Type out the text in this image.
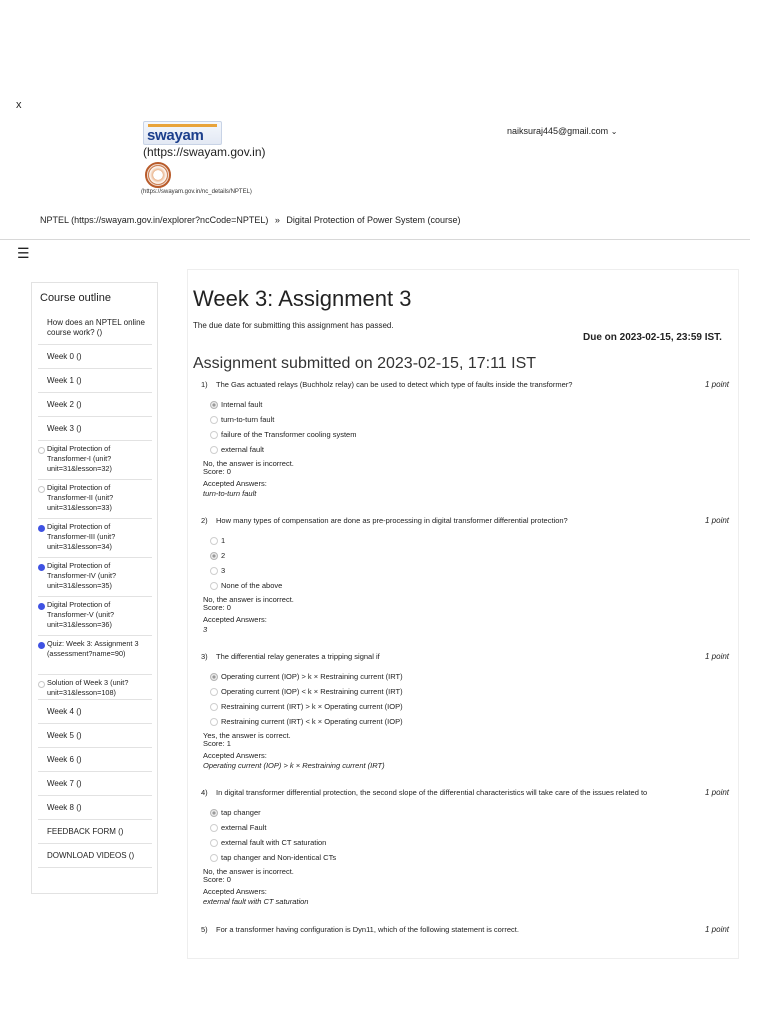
x
swayam
(https://swayam.gov.in)
(https://swayam.gov.in/nc_details/NPTEL)
naiksuraj445@gmail.com ⌄
NPTEL (https://swayam.gov.in/explorer?ncCode=NPTEL) » Digital Protection of Power System (course)
☰
Course outline
How does an NPTEL online course work? ()
Week 0 ()
Week 1 ()
Week 2 ()
Week 3 ()
Digital Protection of Transformer-I (unit?unit=31&lesson=32)
Digital Protection of Transformer-II (unit?unit=31&lesson=33)
Digital Protection of Transformer-III (unit?unit=31&lesson=34)
Digital Protection of Transformer-IV (unit?unit=31&lesson=35)
Digital Protection of Transformer-V (unit?unit=31&lesson=36)
Quiz: Week 3: Assignment 3 (assessment?name=90)
Solution of Week 3 (unit?unit=31&lesson=108)
Week 4 ()
Week 5 ()
Week 6 ()
Week 7 ()
Week 8 ()
FEEDBACK FORM ()
DOWNLOAD VIDEOS ()
Week 3: Assignment 3
The due date for submitting this assignment has passed.
Due on 2023-02-15, 23:59 IST.
Assignment submitted on 2023-02-15, 17:11 IST
1) The Gas actuated relays (Buchholz relay) can be used to detect which type of faults inside the transformer?	1 point
Internal fault
turn-to-turn fault
failure of the Transformer cooling system
external fault
No, the answer is incorrect.
Score: 0
Accepted Answers:
turn-to-turn fault
2) How many types of compensation are done as pre-processing in digital transformer differential protection?	1 point
1
2
3
None of the above
No, the answer is incorrect.
Score: 0
Accepted Answers:
3
3) The differential relay generates a tripping signal if	1 point
Operating current (IOP) > k × Restraining current (IRT)
Operating current (IOP) < k × Restraining current (IRT)
Restraining current (IRT) > k × Operating current (IOP)
Restraining current (IRT) < k × Operating current (IOP)
Yes, the answer is correct.
Score: 1
Accepted Answers:
Operating current (IOP) > k × Restraining current (IRT)
4) In digital transformer differential protection, the second slope of the differential characteristics will take care of the issues related to	1 point
tap changer
external Fault
external fault with CT saturation
tap changer and Non-identical CTs
No, the answer is incorrect.
Score: 0
Accepted Answers:
external fault with CT saturation
5) For a transformer having configuration is Dyn11, which of the following statement is correct.	1 point
